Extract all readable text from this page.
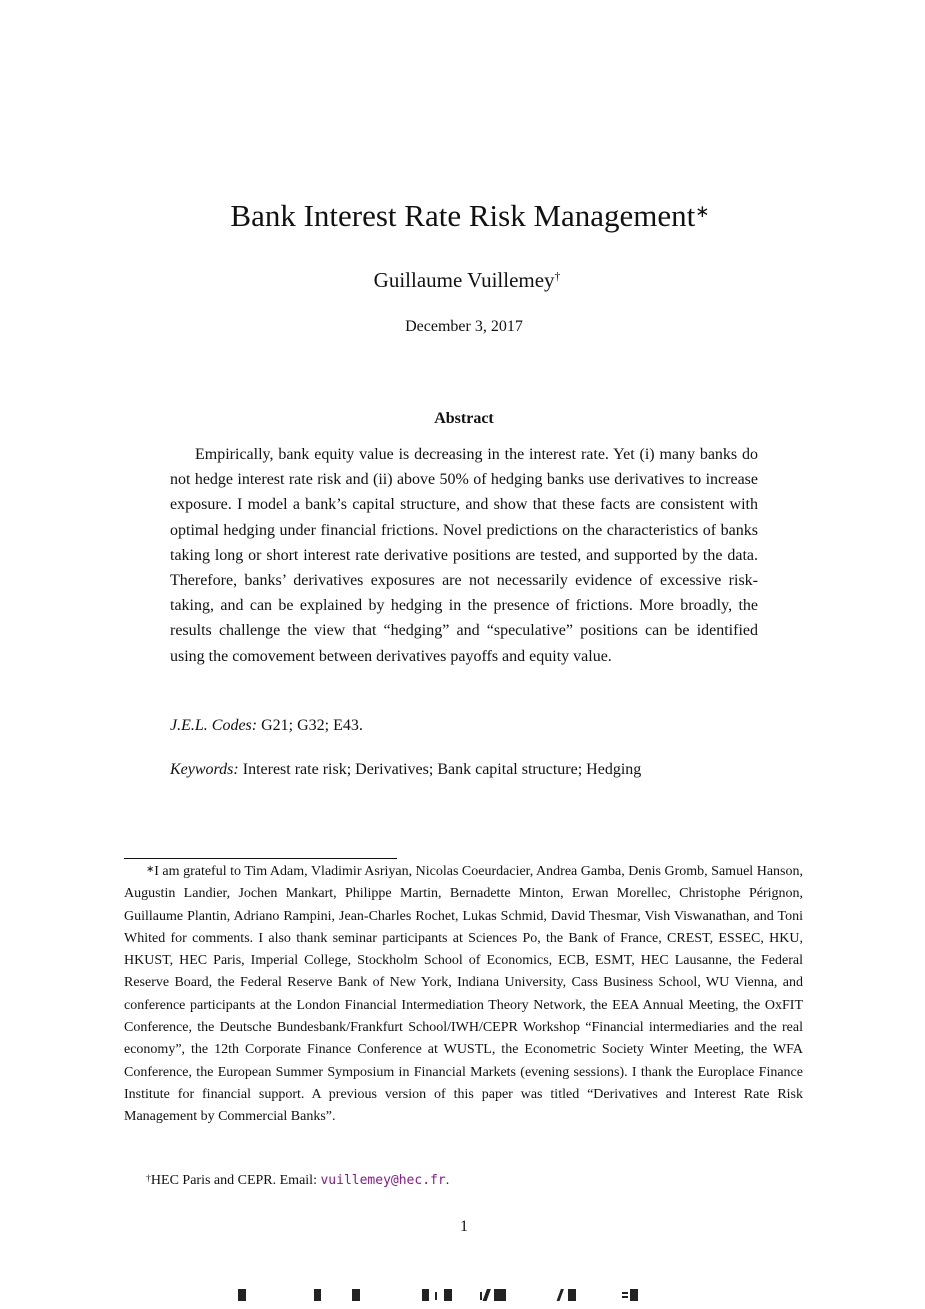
Bank Interest Rate Risk Management∗
Guillaume Vuillemey†
December 3, 2017
Abstract

Empirically, bank equity value is decreasing in the interest rate. Yet (i) many banks do not hedge interest rate risk and (ii) above 50% of hedging banks use derivatives to increase exposure. I model a bank’s capital structure, and show that these facts are consistent with optimal hedging under financial frictions. Novel predictions on the characteristics of banks taking long or short interest rate derivative positions are tested, and supported by the data. Therefore, banks’ derivatives exposures are not necessarily evidence of excessive risk-taking, and can be explained by hedging in the presence of frictions. More broadly, the results challenge the view that “hedging” and “speculative” positions can be identified using the comovement between derivatives payoffs and equity value.

J.E.L. Codes: G21; G32; E43.
Keywords: Interest rate risk; Derivatives; Bank capital structure; Hedging

∗I am grateful to Tim Adam, Vladimir Asriyan, Nicolas Coeurdacier, Andrea Gamba, Denis Gromb, Samuel Hanson, Augustin Landier, Jochen Mankart, Philippe Martin, Bernadette Minton, Erwan Morellec, Christophe Pérignon, Guillaume Plantin, Adriano Rampini, Jean-Charles Rochet, Lukas Schmid, David Thesmar, Vish Viswanathan, and Toni Whited for comments. I also thank seminar participants at Sciences Po, the Bank of France, CREST, ESSEC, HKU, HKUST, HEC Paris, Imperial College, Stockholm School of Economics, ECB, ESMT, HEC Lausanne, the Federal Reserve Board, the Federal Reserve Bank of New York, Indiana University, Cass Business School, WU Vienna, and conference participants at the London Financial Intermediation Theory Network, the EEA Annual Meeting, the OxFIT Conference, the Deutsche Bundesbank/Frankfurt School/IWH/CEPR Workshop “Financial intermediaries and the real economy”, the 12th Corporate Finance Conference at WUSTL, the Econometric Society Winter Meeting, the WFA Conference, the European Summer Symposium in Financial Markets (evening sessions). I thank the Europlace Finance Institute for financial support. A previous version of this paper was titled “Derivatives and Interest Rate Risk Management by Commercial Banks”.

†HEC Paris and CEPR. Email: vuillemey@hec.fr.

1
